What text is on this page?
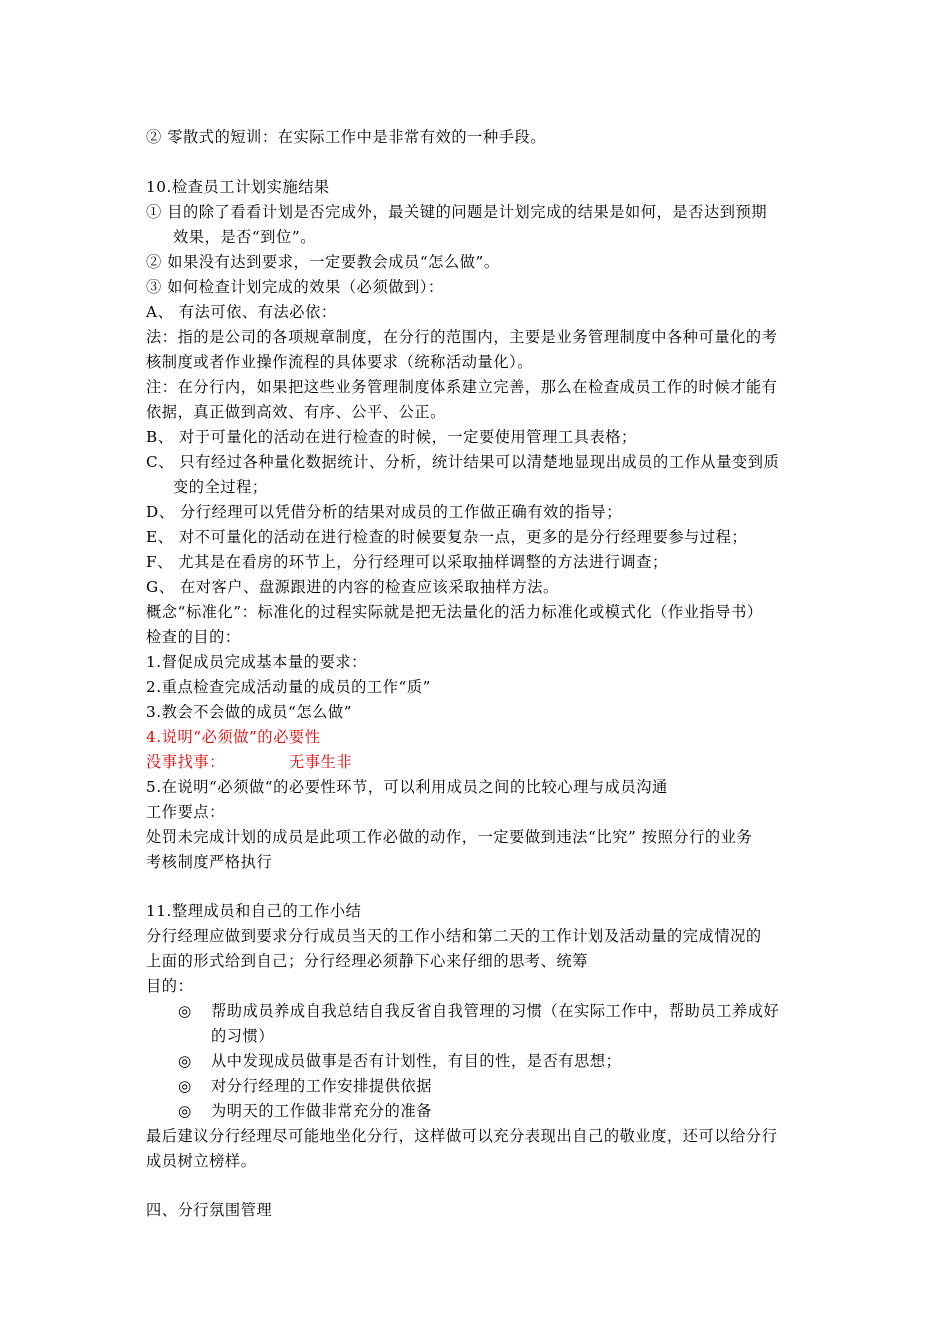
② 零散式的短训：在实际工作中是非常有效的一种手段。
10.检查员工计划实施结果
① 目的除了看看计划是否完成外，最关键的问题是计划完成的结果是如何，是否达到预期
效果，是否“到位”。
② 如果没有达到要求，一定要教会成员“怎么做”。
③ 如何检查计划完成的效果（必须做到）：
A、 有法可依、有法必依：
法：指的是公司的各项规章制度，在分行的范围内，主要是业务管理制度中各种可量化的考
核制度或者作业操作流程的具体要求（统称活动量化）。
注：在分行内，如果把这些业务管理制度体系建立完善，那么在检查成员工作的时候才能有
依据，真正做到高效、有序、公平、公正。
B、 对于可量化的活动在进行检查的时候，一定要使用管理工具表格；
C、 只有经过各种量化数据统计、分析，统计结果可以清楚地显现出成员的工作从量变到质
变的全过程；
D、 分行经理可以凭借分析的结果对成员的工作做正确有效的指导；
E、 对不可量化的活动在进行检查的时候要复杂一点，更多的是分行经理要参与过程；
F、 尤其是在看房的环节上，分行经理可以采取抽样调整的方法进行调查；
G、 在对客户、盘源跟进的内容的检查应该采取抽样方法。
概念“标准化”：标准化的过程实际就是把无法量化的活力标准化或模式化（作业指导书）
检查的目的：
1.督促成员完成基本量的要求：
2.重点检查完成活动量的成员的工作“质”
3.教会不会做的成员“怎么做”
4.说明“必须做”的必要性
没事找事：	无事生非
5.在说明“必须做“的必要性环节，可以利用成员之间的比较心理与成员沟通
工作要点：
处罚未完成计划的成员是此项工作必做的动作，一定要做到违法“比究” 按照分行的业务
考核制度严格执行
11.整理成员和自己的工作小结
分行经理应做到要求分行成员当天的工作小结和第二天的工作计划及活动量的完成情况的
上面的形式给到自己；分行经理必须静下心来仔细的思考、统筹
目的：
◎ 帮助成员养成自我总结自我反省自我管理的习惯（在实际工作中，帮助员工养成好
的习惯）
◎ 从中发现成员做事是否有计划性，有目的性，是否有思想；
◎ 对分行经理的工作安排提供依据
◎ 为明天的工作做非常充分的准备
最后建议分行经理尽可能地坐化分行，这样做可以充分表现出自己的敬业度，还可以给分行
成员树立榜样。
四、分行氛围管理
